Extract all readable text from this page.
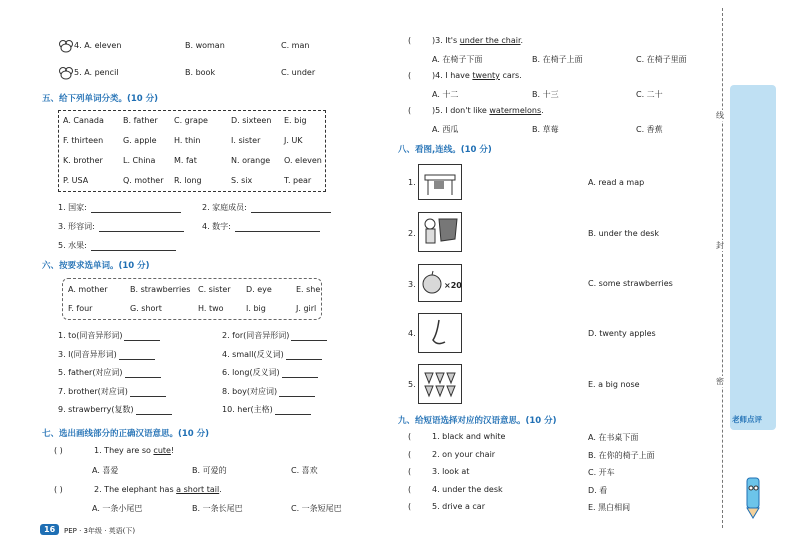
4. A. eleven	B. woman	C. man
5. A. pencil	B. book	C. under
五、给下列单词分类。(10 分)
A. Canada B. father C. grape	D. sixteen E. big
F. thirteen G. apple H. thin	I. sister	J. UK
K. brother	L. China M. fat	N. orange O. eleven
P. USA	Q. mother R. long	S. six	T. pear
1. 国家:	2. 家庭成员:
3. 形容词:	4. 数字:
5. 水果:
六、按要求选单词。(10 分)
A. mother	B. strawberries C. sister D. eye	E. she
F. four	G. short	H. two	I. big	J. girl
1. to(同音异形词)	2. for(同音异形词)
3. I(同音异形词)	4. small(反义词)
5. father(对应词)	6. long(反义词)
7. brother(对应词)	8. boy(对应词)
9. strawberry(复数)	10. her(主格)
七、选出画线部分的正确汉语意思。(10 分)
( )	1. They are so cute!
A. 喜爱	B. 可爱的	C. 喜欢
( )	2. The elephant has a short tail.
A. 一条小尾巴	B. 一条长尾巴	C. 一条短尾巴
16	PEP · 3年级 · 英语(下)
(	)3. It's under the chair.
A. 在椅子下面	B. 在椅子上面	C. 在椅子里面
(	)4. I have twenty cars.
A. 十二	B. 十三	C. 二十
(	)5. I don't like watermelons.
A. 西瓜	B. 草莓	C. 香蕉
八、看图,连线。(10 分)
1.
2.
3.	×20
4.
5.
A. read a map
B. under the desk
C. some strawberries
D. twenty apples
E. a big nose
九、给短语选择对应的汉语意思。(10 分)
(	1. black and white	A. 在书桌下面
(	2. on your chair	B. 在你的椅子上面
(	3. look at	C. 开车
(	4. under the desk	D. 看
(	5. drive a car	E. 黑白相间
线
封
密
老师点评
